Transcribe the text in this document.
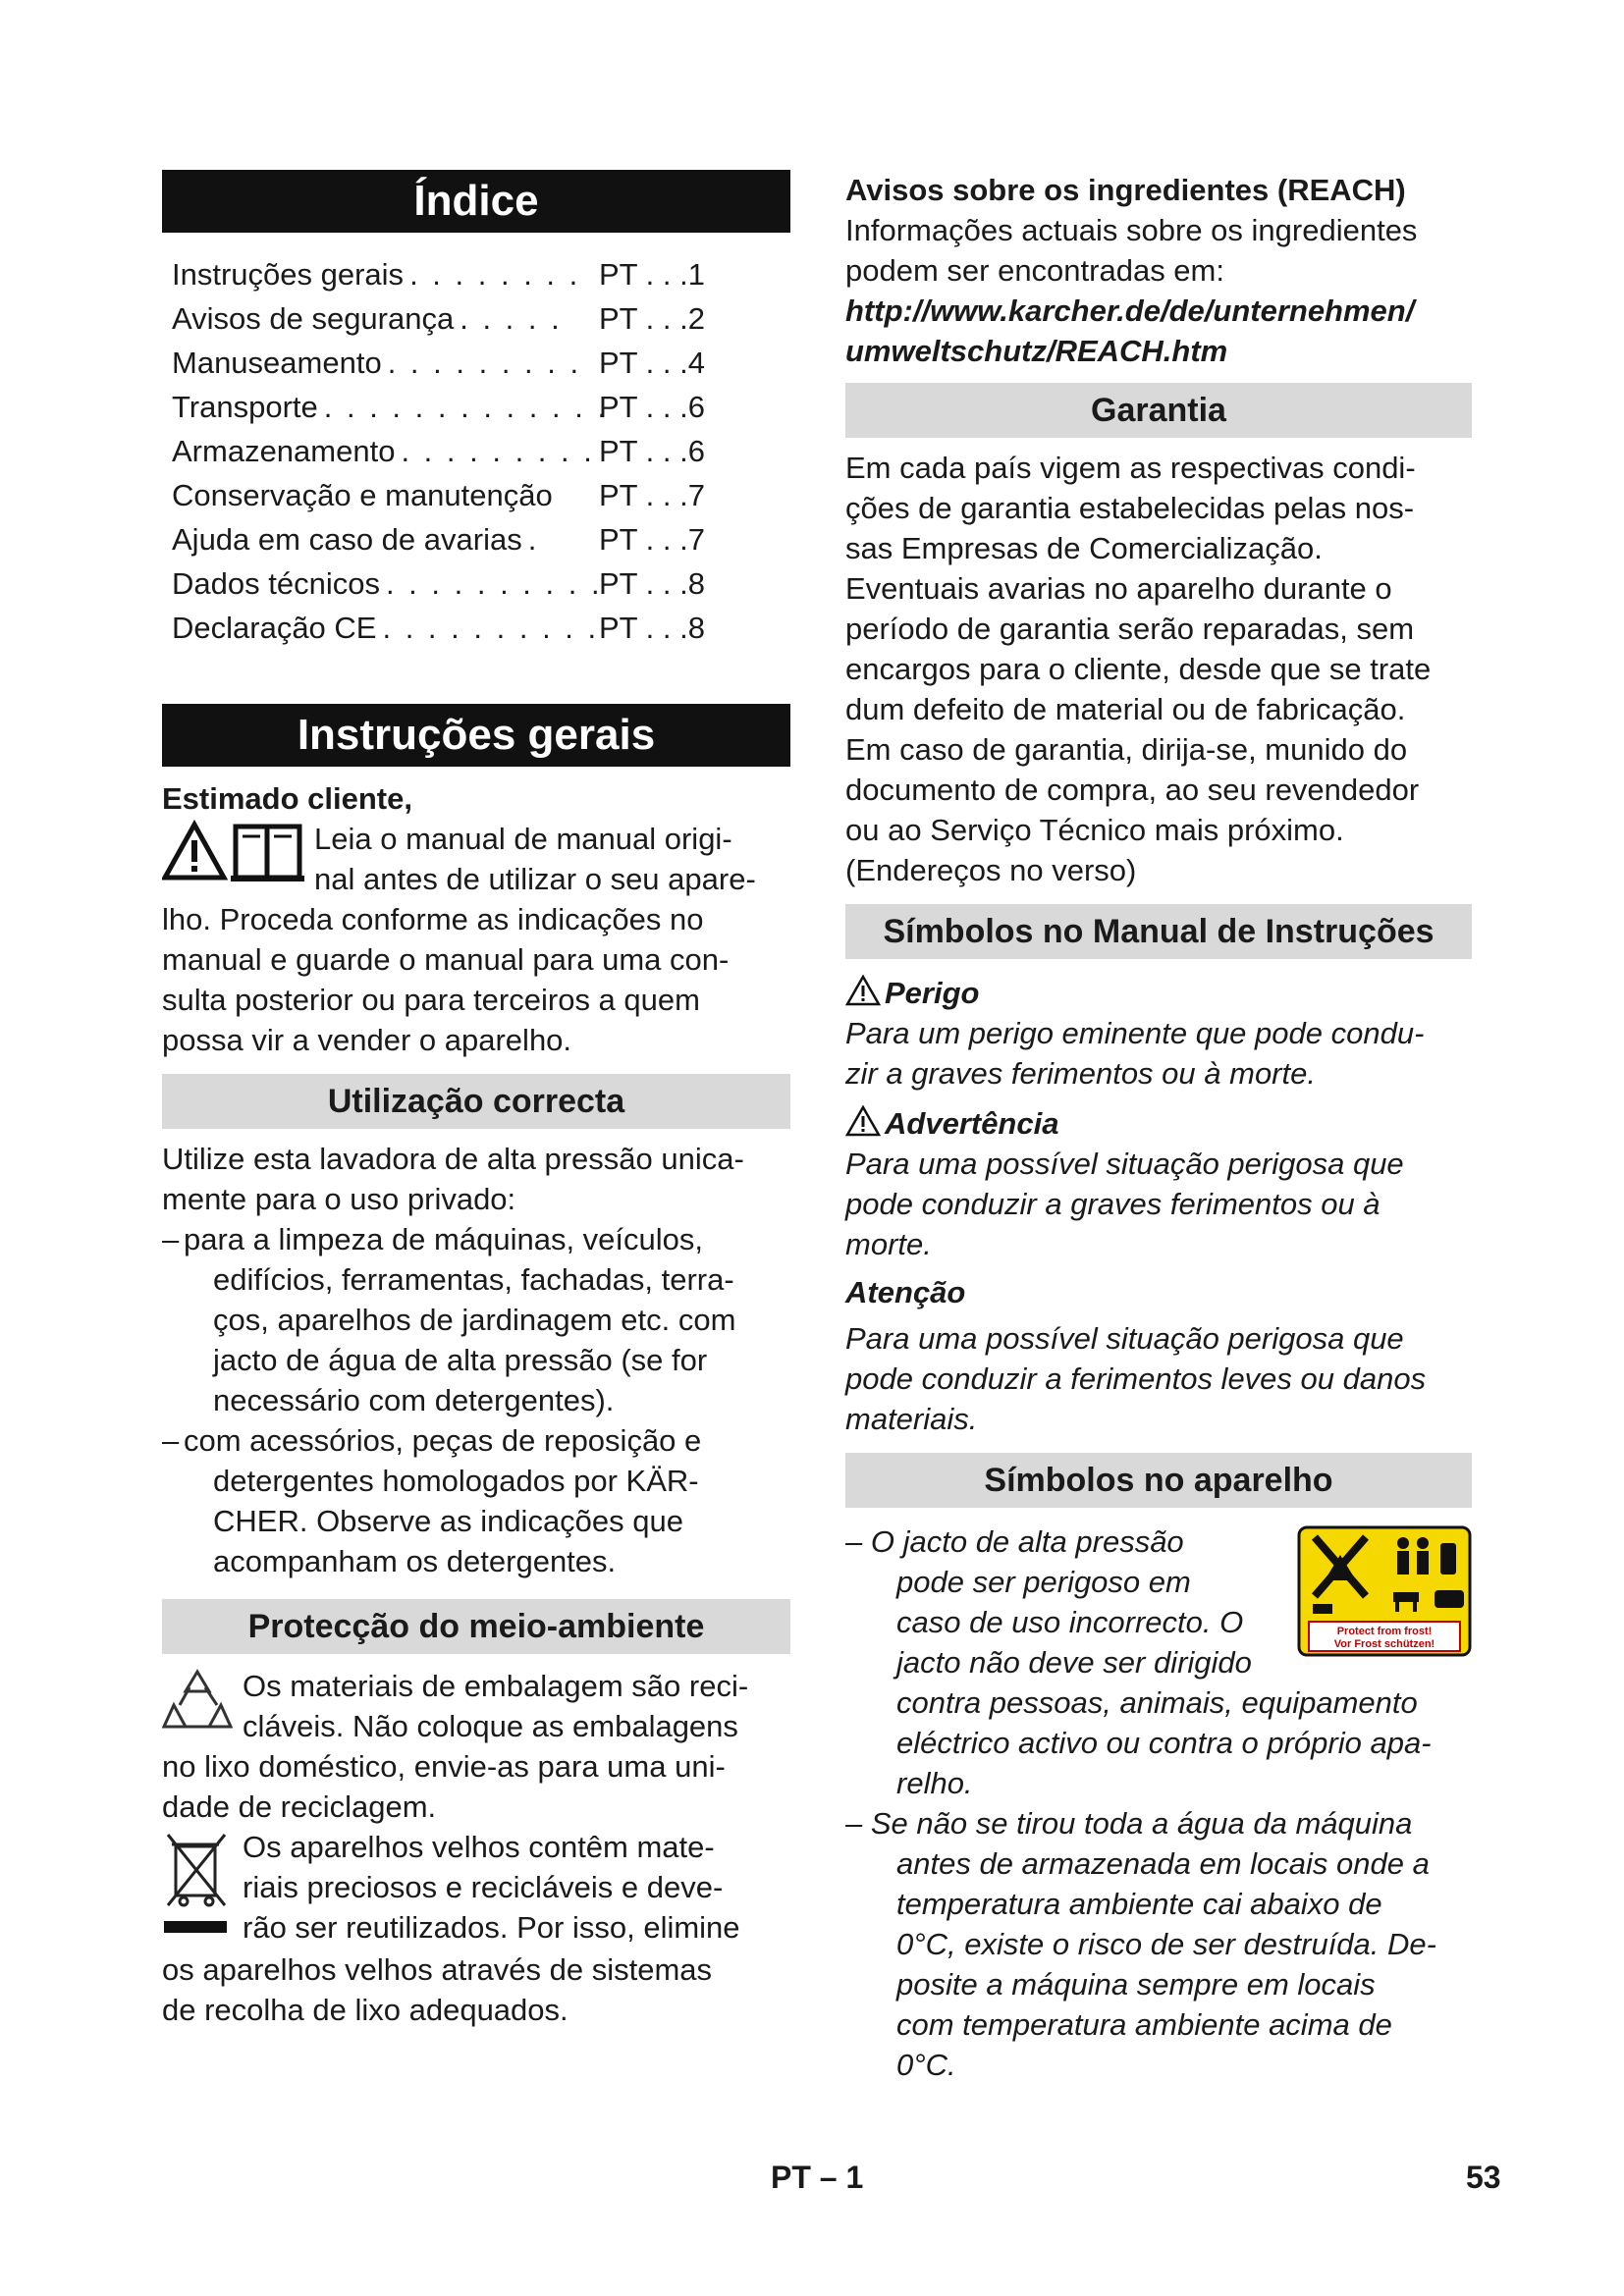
Índice
Instruções gerais . . . . . . . . PT . . .1
Avisos de segurança . . . . . PT . . .2
Manuseamento . . . . . . . . . PT . . .4
Transporte . . . . . . . . . . . . .
PT . . .6
Armazenamento . . . . . . . . . PT . . .6
Conservação e manutenção PT . . .7
Ajuda em caso de avarias . PT . . .7
Dados técnicos . . . . . . . . . .
PT . . .8
Declaração CE . . . . . . . . . . PT . . .8
Instruções gerais

Estimado cliente,

Leia o manual de manual origi-
nal antes de utilizar o seu apare-
lho. Proceda conforme as indicações no
manual e guarde o manual para uma con-
sulta posterior ou para terceiros a quem
possa vir a vender o aparelho.
Utilização correcta
Utilize esta lavadora de alta pressão unica-
mente para o uso privado:
– para a limpeza de máquinas, veículos,

edifícios, ferramentas, fachadas, terra-
ços, aparelhos de jardinagem etc. com
jacto de água de alta pressão (se for
necessário com detergentes).
– com acessórios, peças de reposição e

detergentes homologados por KÄR-
CHER. Observe as indicações que
acompanham os detergentes.
Protecção do meio-ambiente
Os materiais de embalagem são reci-
cláveis. Não coloque as embalagens
no lixo doméstico, envie-as para uma uni-
dade de reciclagem.
Os aparelhos velhos contêm mate-
riais preciosos e recicláveis e deve-
rão ser reutilizados. Por isso, elimine
os aparelhos velhos através de sistemas
de recolha de lixo adequados.

Avisos sobre os ingredientes (REACH)

Informações actuais sobre os ingredientes
podem ser encontradas em:
http://www.karcher.de/de/unternehmen/
umweltschutz/REACH.htm
Garantia
Em cada país vigem as respectivas condi-
ções de garantia estabelecidas pelas nos-
sas Empresas de Comercialização.
Eventuais avarias no aparelho durante o
período de garantia serão reparadas, sem
encargos para o cliente, desde que se trate
dum defeito de material ou de fabricação.
Em caso de garantia, dirija-se, munido do
documento de compra, ao seu revendedor
ou ao Serviço Técnico mais próximo.
(Endereços no verso)
Símbolos no Manual de Instruções
Perigo
Para um perigo eminente que pode condu-
zir a graves ferimentos ou à morte.
Advertência
Para uma possível situação perigosa que
pode conduzir a graves ferimentos ou à
morte.
Atenção
Para uma possível situação perigosa que
pode conduzir a ferimentos leves ou danos
materiais.
Símbolos no aparelho
Protect from frost!
Vor Frost schützen!
– O jacto de alta pressão
pode ser perigoso em
caso de uso incorrecto. O
jacto não deve ser dirigido
contra pessoas, animais, equipamento
eléctrico activo ou contra o próprio apa-
relho.
– Se não se tirou toda a água da máquina
antes de armazenada em locais onde a
temperatura ambiente cai abaixo de
0°C, existe o risco de ser destruída. De-
posite a máquina sempre em locais
com temperatura ambiente acima de
0°C.
PT – 1	53
